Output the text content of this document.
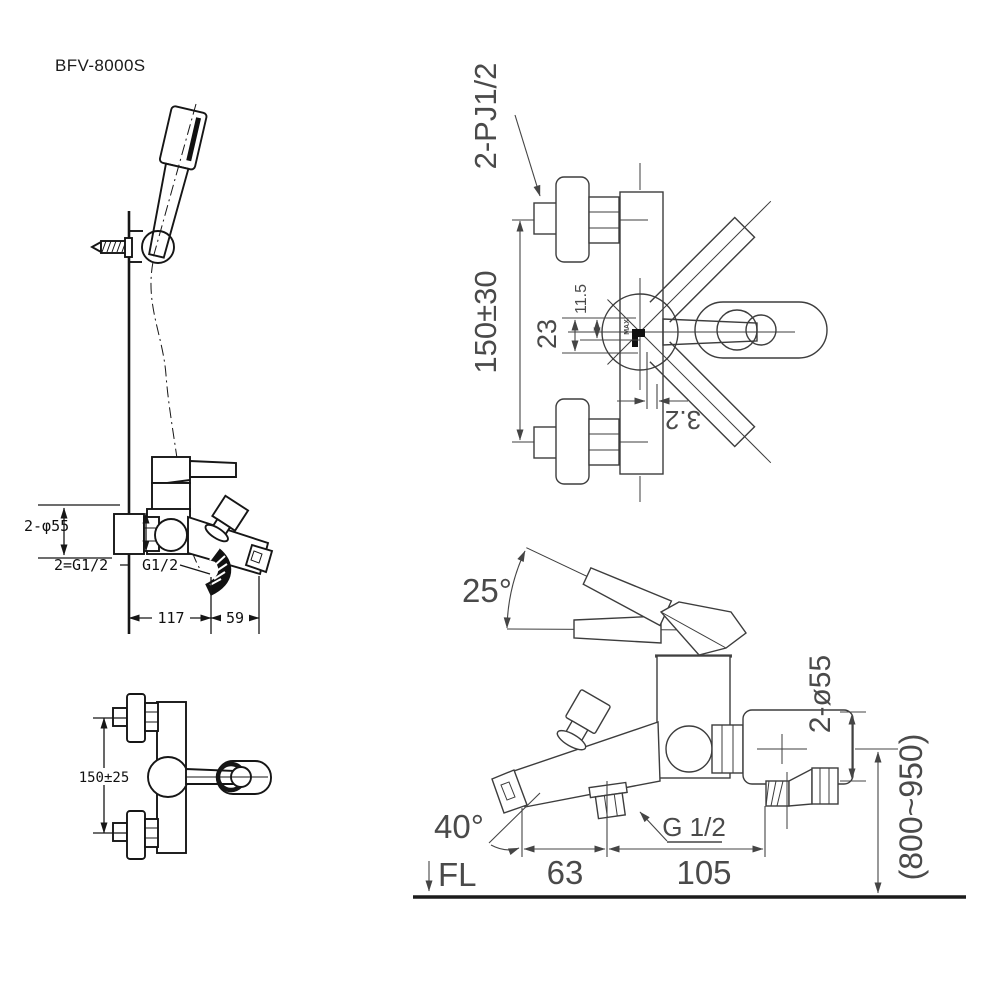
BFV-8000S
2-φ55
2=G1/2 G1/2
117	59
150±25
MAX
150±30 23
11.5
3.2
2-PJ1/2
25°
2-ø55
(800~950)
FL 63	105
40°	G 1/2
